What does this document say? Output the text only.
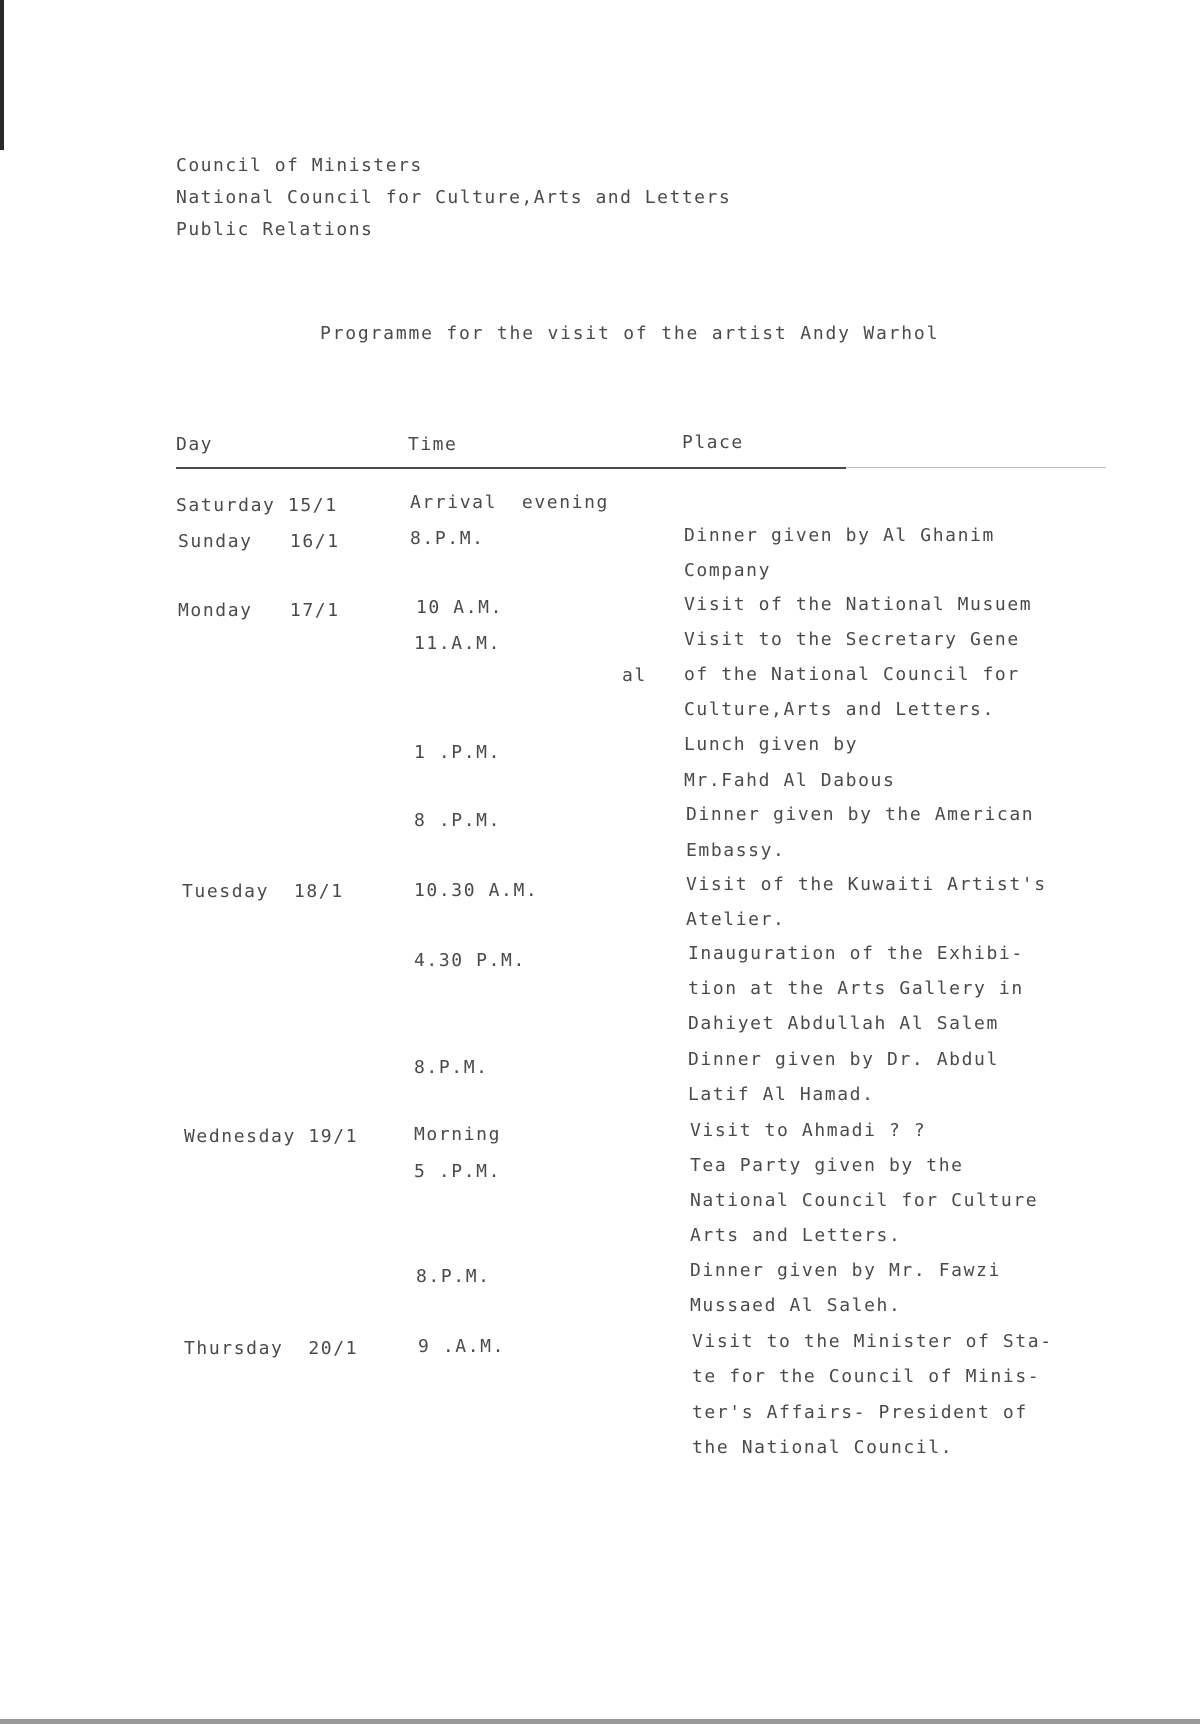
Council of Ministers
National Council for Culture,Arts and Letters
Public Relations
Programme for the visit of the artist Andy Warhol
Day	Time	Place
Saturday 15/1	Arrival  evening
Sunday   16/1	8.P.M.	Dinner given by Al Ghanim
Company
Monday   17/1	10 A.M.	Visit of the National Musuem
11.A.M.	Visit to the Secretary Gene
al of the National Council for
Culture,Arts and Letters.
1 .P.M.	Lunch given by
Mr.Fahd Al Dabous
8 .P.M.	Dinner given by the American
Embassy.
Tuesday  18/1	10.30 A.M.	Visit of the Kuwaiti Artist's
Atelier.
4.30 P.M.	Inauguration of the Exhibi-
tion at the Arts Gallery in
Dahiyet Abdullah Al Salem
8.P.M.	Dinner given by Dr. Abdul
Latif Al Hamad.
Wednesday 19/1	Morning	Visit to Ahmadi ? ?
5 .P.M.	Tea Party given by the
National Council for Culture
Arts and Letters.
8.P.M.	Dinner given by Mr. Fawzi
Mussaed Al Saleh.
Thursday  20/1	9 .A.M.	Visit to the Minister of Sta-
te for the Council of Minis-
ter's Affairs- President of
the National Council.
